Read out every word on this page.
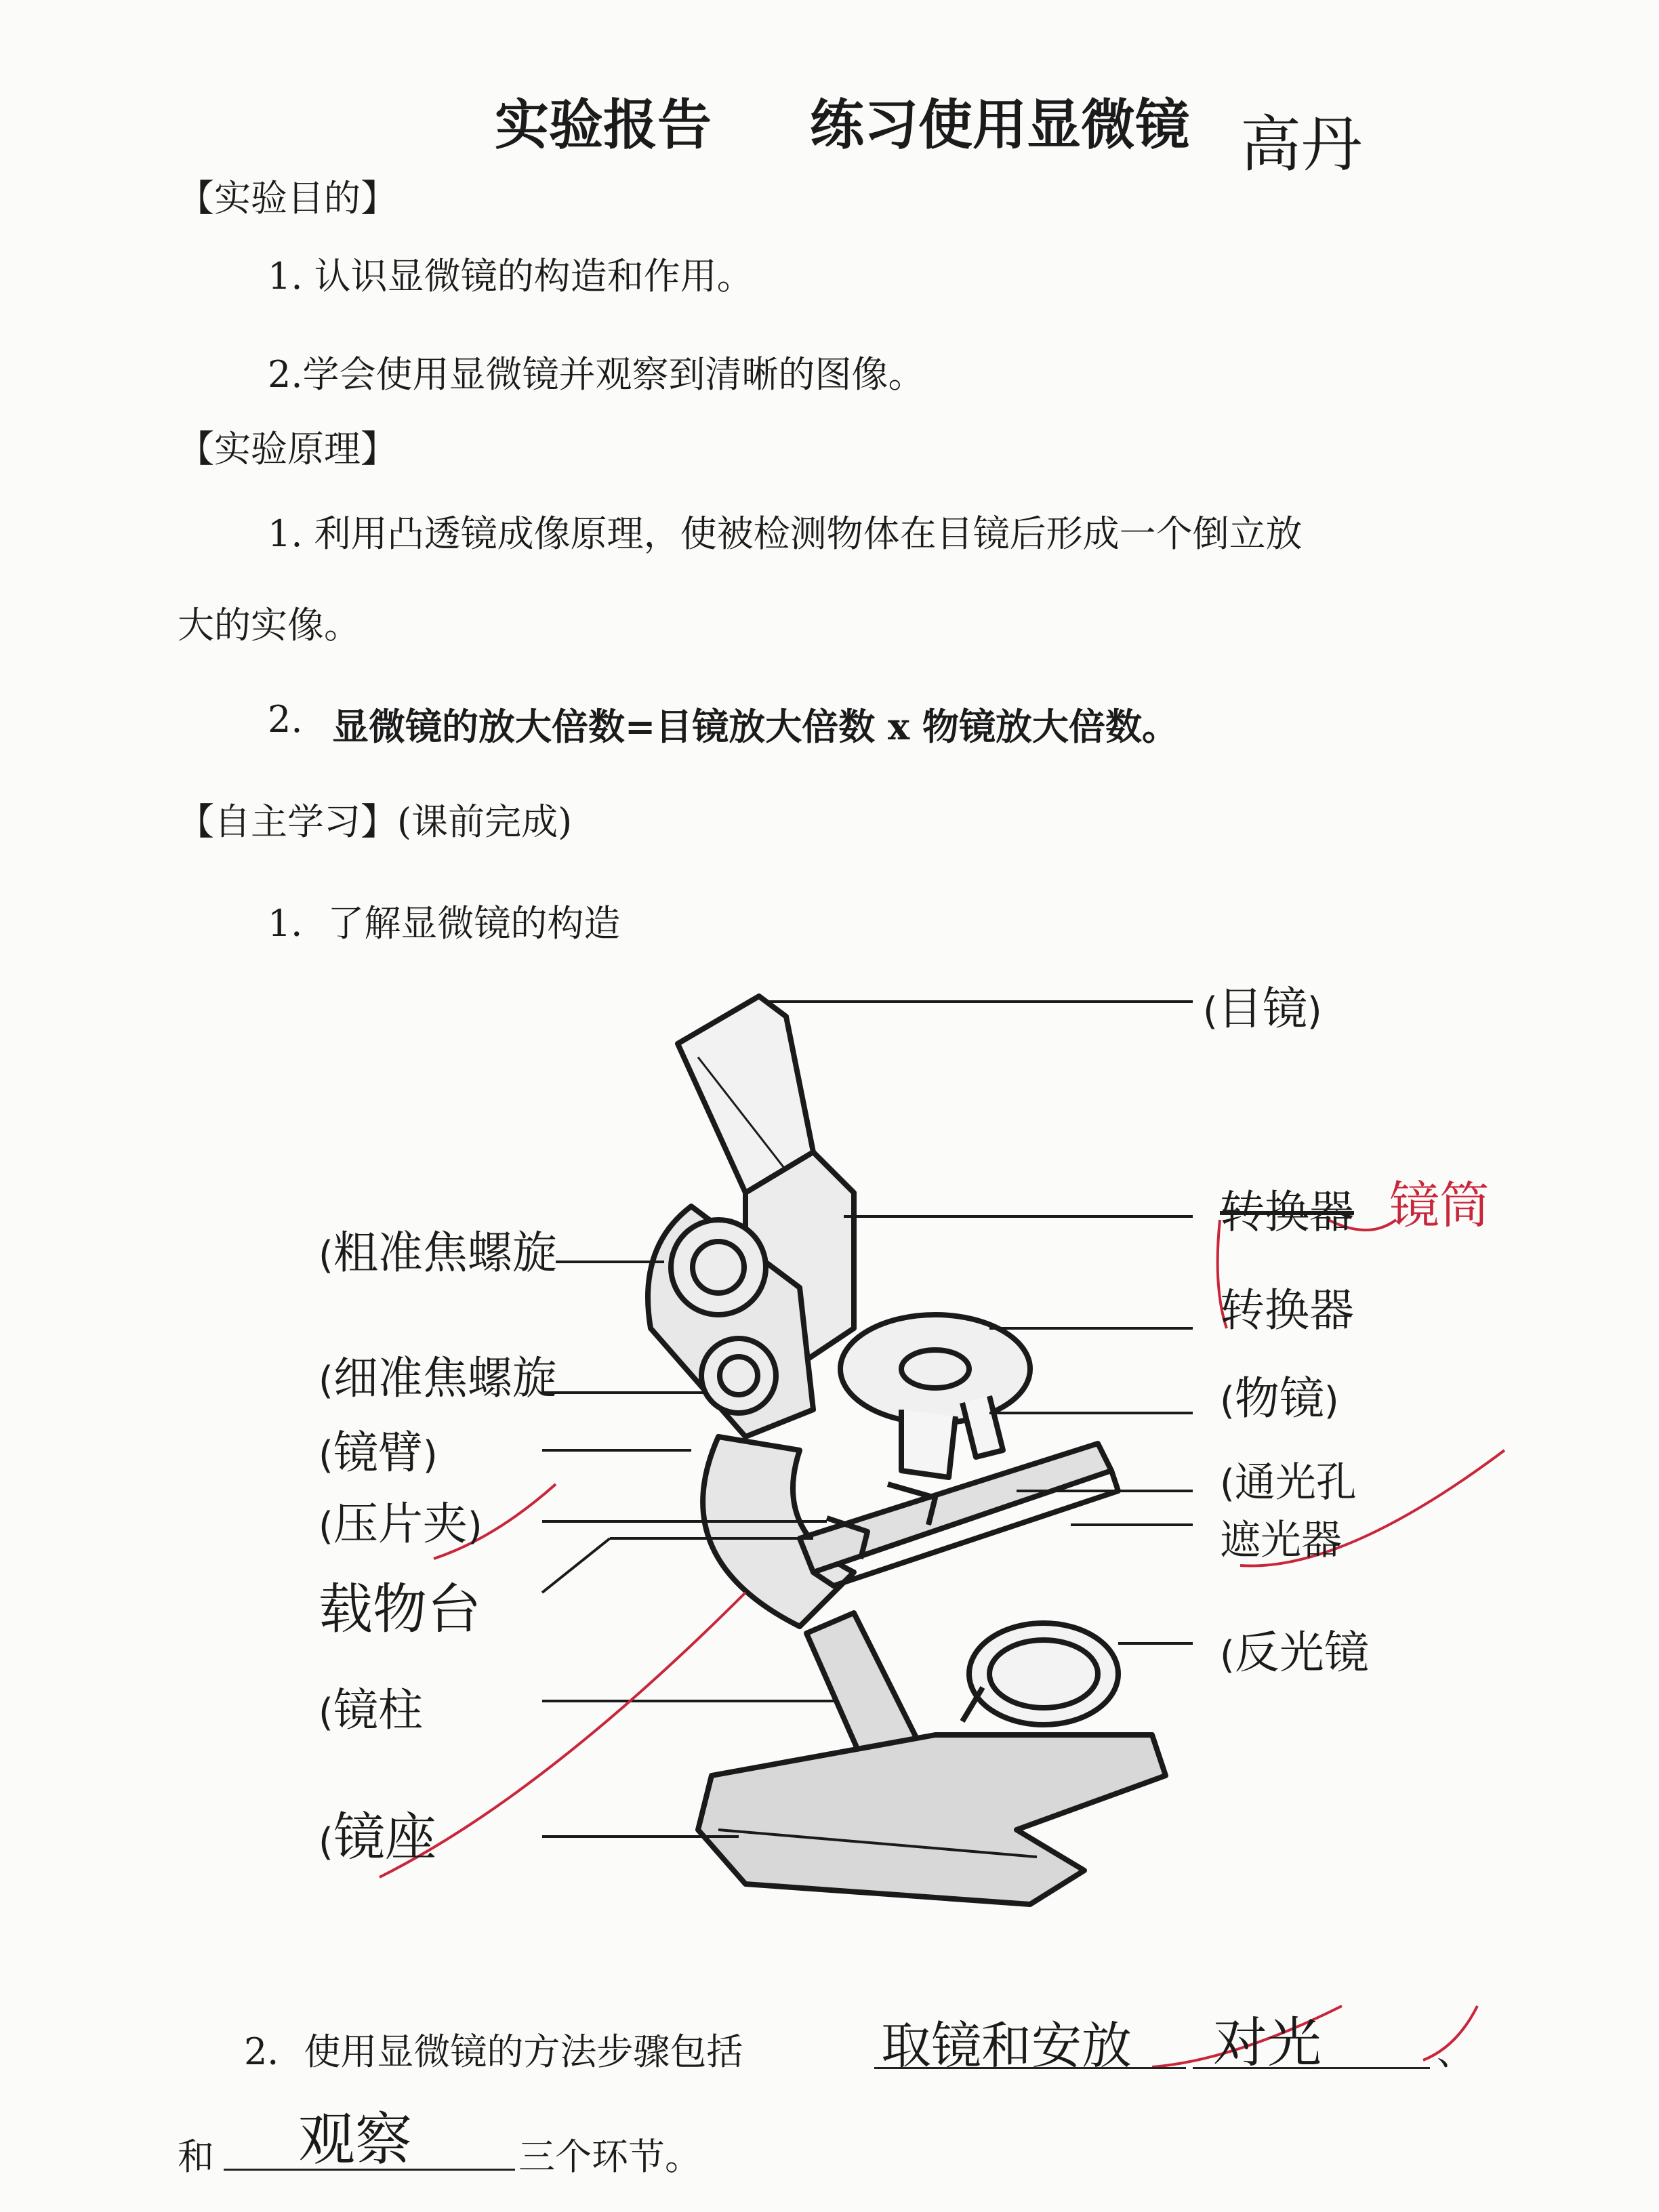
实验报告 练习使用显微镜 高丹
【实验目的】
1. 认识显微镜的构造和作用。
2.学会使用显微镜并观察到清晰的图像。
【实验原理】
1. 利用凸透镜成像原理，使被检测物体在目镜后形成一个倒立放
大的实像。
2. 显微镜的放大倍数=目镜放大倍数 x 物镜放大倍数。
【自主学习】(课前完成)
1．了解显微镜的构造
(粗准焦螺旋
(细准焦螺旋
(镜臂)
(压片夹)
载物台
(镜柱
(镜座
(目镜)
转换器 镜筒
转换器
(物镜)
(通光孔
遮光器
(反光镜
2．使用显微镜的方法步骤包括	取镜和安放 对光	、
和 观察	三个环节。
